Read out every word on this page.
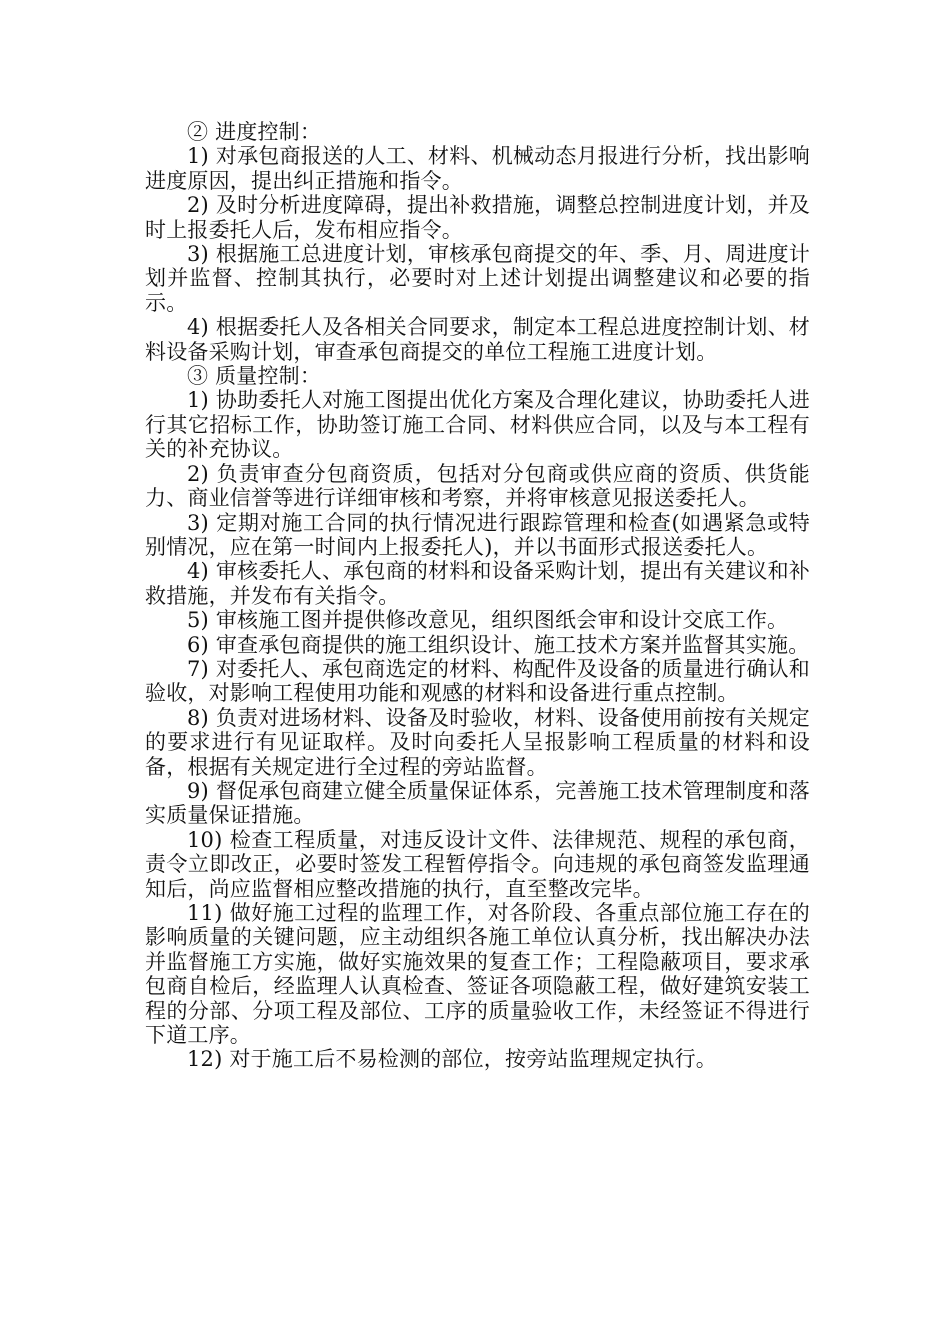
② 进度控制：

1) 对承包商报送的人工、材料、机械动态月报进行分析，找出影响进度原因，提出纠正措施和指令。

2) 及时分析进度障碍，提出补救措施，调整总控制进度计划，并及时上报委托人后，发布相应指令。

3) 根据施工总进度计划，审核承包商提交的年、季、月、周进度计划并监督、控制其执行，必要时对上述计划提出调整建议和必要的指示。

4) 根据委托人及各相关合同要求，制定本工程总进度控制计划、材料设备采购计划，审查承包商提交的单位工程施工进度计划。

③ 质量控制：

1) 协助委托人对施工图提出优化方案及合理化建议，协助委托人进行其它招标工作，协助签订施工合同、材料供应合同，以及与本工程有关的补充协议。

2) 负责审查分包商资质，包括对分包商或供应商的资质、供货能力、商业信誉等进行详细审核和考察，并将审核意见报送委托人。

3) 定期对施工合同的执行情况进行跟踪管理和检查(如遇紧急或特别情况，应在第一时间内上报委托人)，并以书面形式报送委托人。

4) 审核委托人、承包商的材料和设备采购计划，提出有关建议和补救措施，并发布有关指令。

5) 审核施工图并提供修改意见，组织图纸会审和设计交底工作。

6) 审查承包商提供的施工组织设计、施工技术方案并监督其实施。

7) 对委托人、承包商选定的材料、构配件及设备的质量进行确认和验收，对影响工程使用功能和观感的材料和设备进行重点控制。

8) 负责对进场材料、设备及时验收，材料、设备使用前按有关规定的要求进行有见证取样。及时向委托人呈报影响工程质量的材料和设备，根据有关规定进行全过程的旁站监督。

9) 督促承包商建立健全质量保证体系，完善施工技术管理制度和落实质量保证措施。

10) 检查工程质量，对违反设计文件、法律规范、规程的承包商，责令立即改正，必要时签发工程暂停指令。向违规的承包商签发监理通知后，尚应监督相应整改措施的执行，直至整改完毕。

11) 做好施工过程的监理工作，对各阶段、各重点部位施工存在的影响质量的关键问题，应主动组织各施工单位认真分析，找出解决办法并监督施工方实施，做好实施效果的复查工作；工程隐蔽项目，要求承包商自检后，经监理人认真检查、签证各项隐蔽工程，做好建筑安装工程的分部、分项工程及部位、工序的质量验收工作，未经签证不得进行下道工序。

12) 对于施工后不易检测的部位，按旁站监理规定执行。
